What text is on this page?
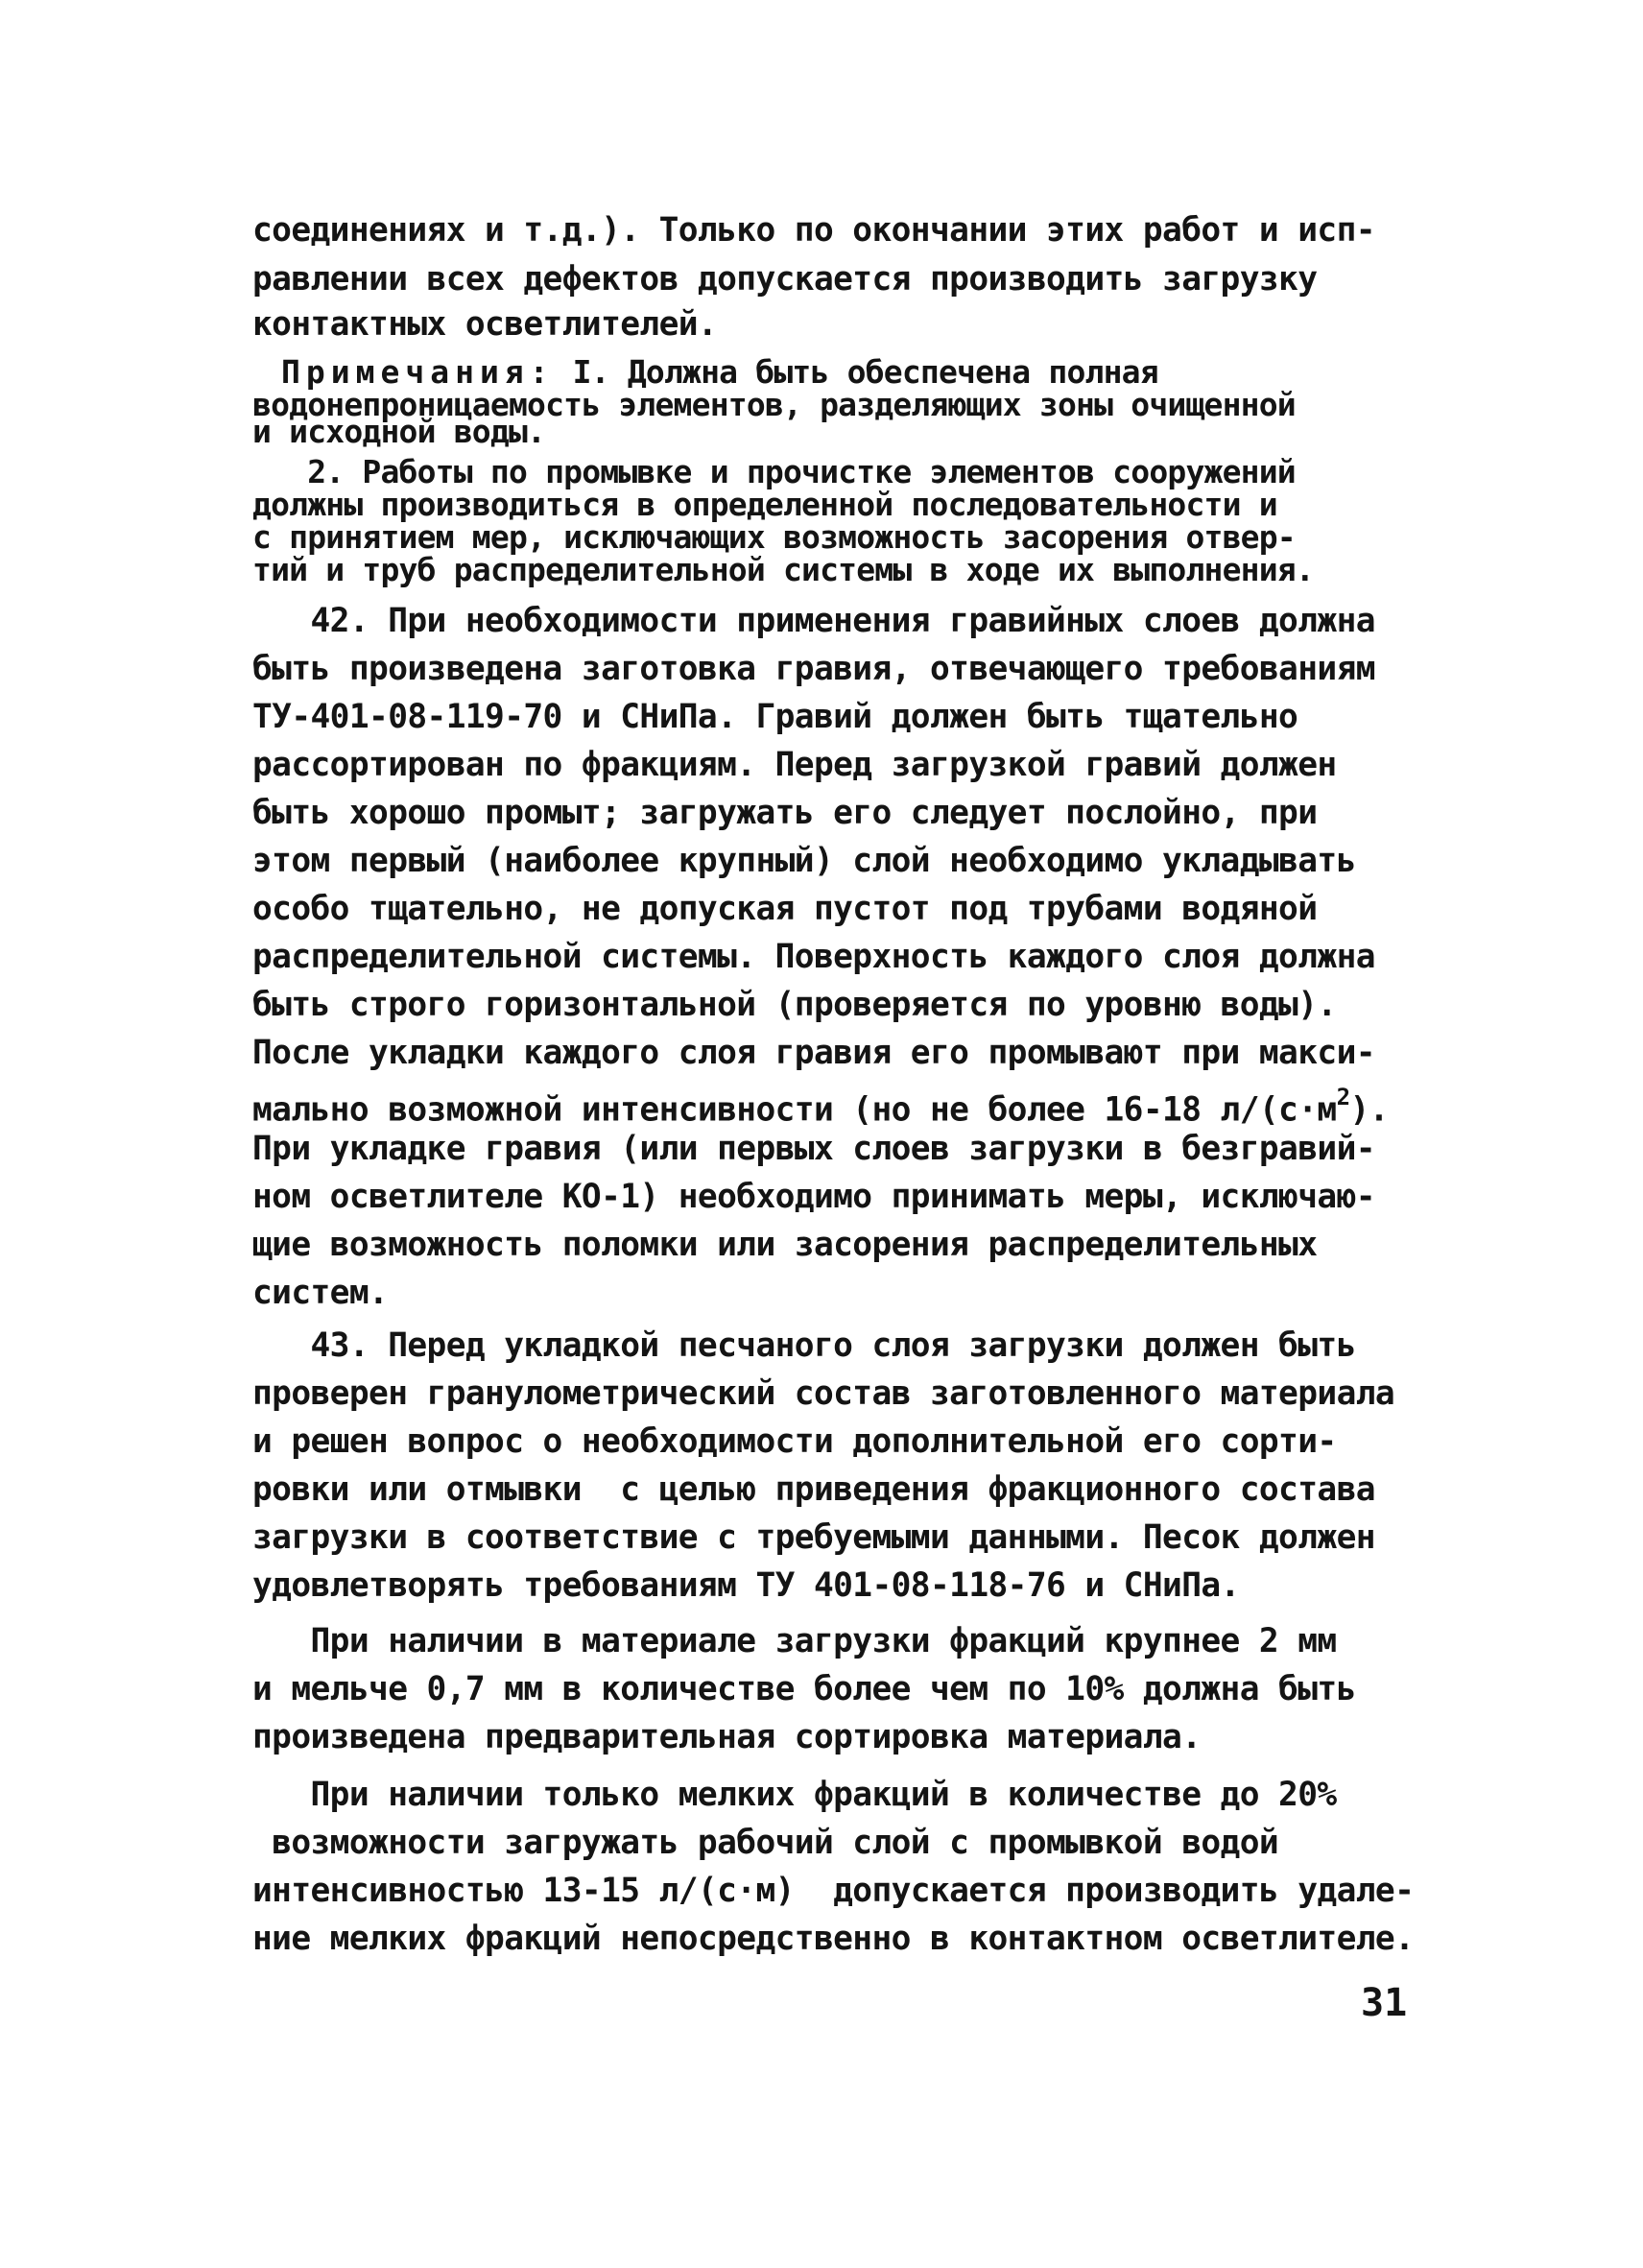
соединениях и т.д.). Только по окончании этих работ и исп-

равлении всех дефектов допускается производить загрузку

контактных осветлителей.

Примечания: I. Должна быть обеспечена полная

водонепроницаемость элементов, разделяющих зоны очищенной

и исходной воды.

2. Работы по промывке и прочистке элементов сооружений

должны производиться в определенной последовательности и

с принятием мер, исключающих возможность засорения отвер-

тий и труб распределительной системы в ходе их выполнения.

42. При необходимости применения гравийных слоев должна

быть произведена заготовка гравия, отвечающего требованиям

ТУ-401-08-119-70 и СНиПа. Гравий должен быть тщательно

рассортирован по фракциям. Перед загрузкой гравий должен

быть хорошо промыт; загружать его следует послойно, при

этом первый (наиболее крупный) слой необходимо укладывать

особо тщательно, не допуская пустот под трубами водяной

распределительной системы. Поверхность каждого слоя должна

быть строго горизонтальной (проверяется по уровню воды).

После укладки каждого слоя гравия его промывают при макси-

мально возможной интенсивности (но не более 16-18 $л/(с\cdot м^2)$.

При укладке гравия (или первых слоев загрузки в безгравий-

ном осветлителе КО-1) необходимо принимать меры, исключаю-

щие возможность поломки или засорения распределительных

систем.

43. Перед укладкой песчаного слоя загрузки должен быть

проверен гранулометрический состав заготовленного материала

и решен вопрос о необходимости дополнительной его сорти-

ровки или отмывки  с целью приведения фракционного состава

загрузки в соответствие с требуемыми данными. Песок должен

удовлетворять требованиям ТУ 401-08-118-76 и СНиПа.

При наличии в материале загрузки фракций крупнее 2 мм

и мельче 0,7 мм в количестве более чем по 10% должна быть

произведена предварительная сортировка материала.

При наличии только мелких фракций в количестве до 20%

возможности загружать рабочий слой с промывкой водой

интенсивностью 13-15 л/(с·м)  допускается производить удале-

ние мелких фракций непосредственно в контактном осветлителе.

31
